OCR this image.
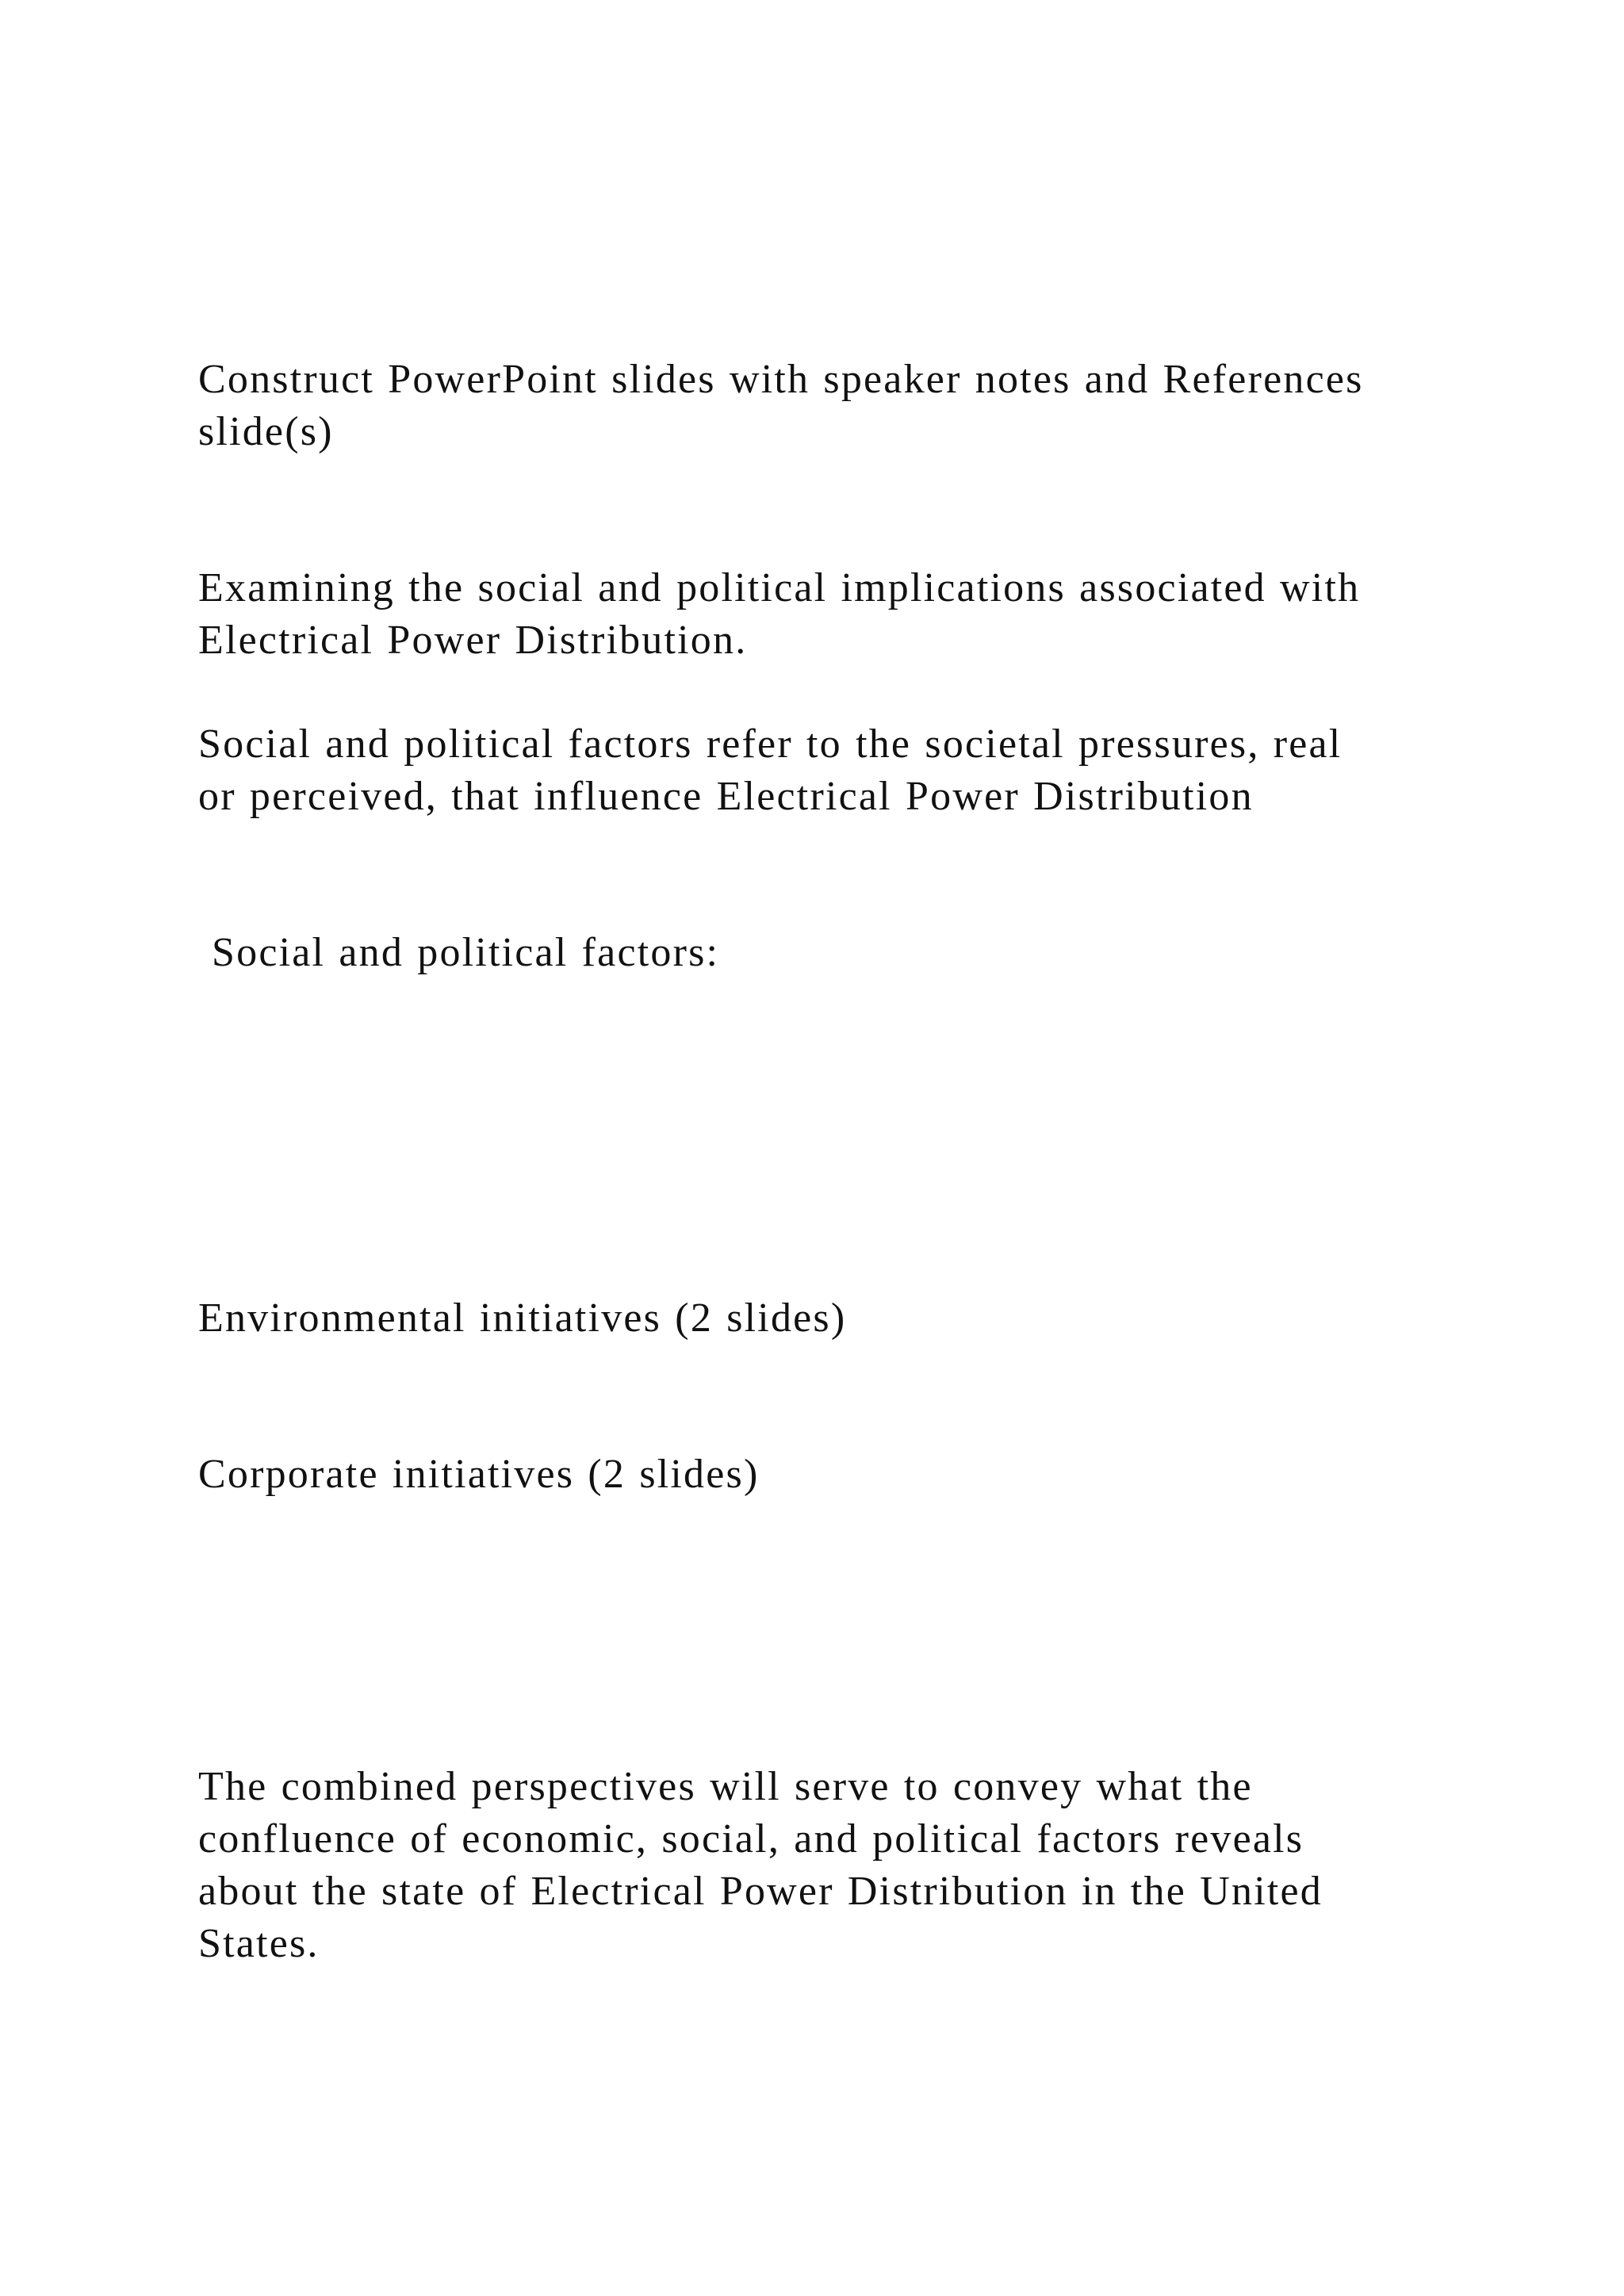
Construct PowerPoint slides with speaker notes and References

slide(s)

Examining the social and political implications associated with

Electrical Power Distribution.

Social and political factors refer to the societal pressures, real

or perceived, that influence Electrical Power Distribution

Social and political factors:

Environmental initiatives (2 slides)

Corporate initiatives (2 slides)

The combined perspectives will serve to convey what the

confluence of economic, social, and political factors reveals

about the state of Electrical Power Distribution in the United

States.
